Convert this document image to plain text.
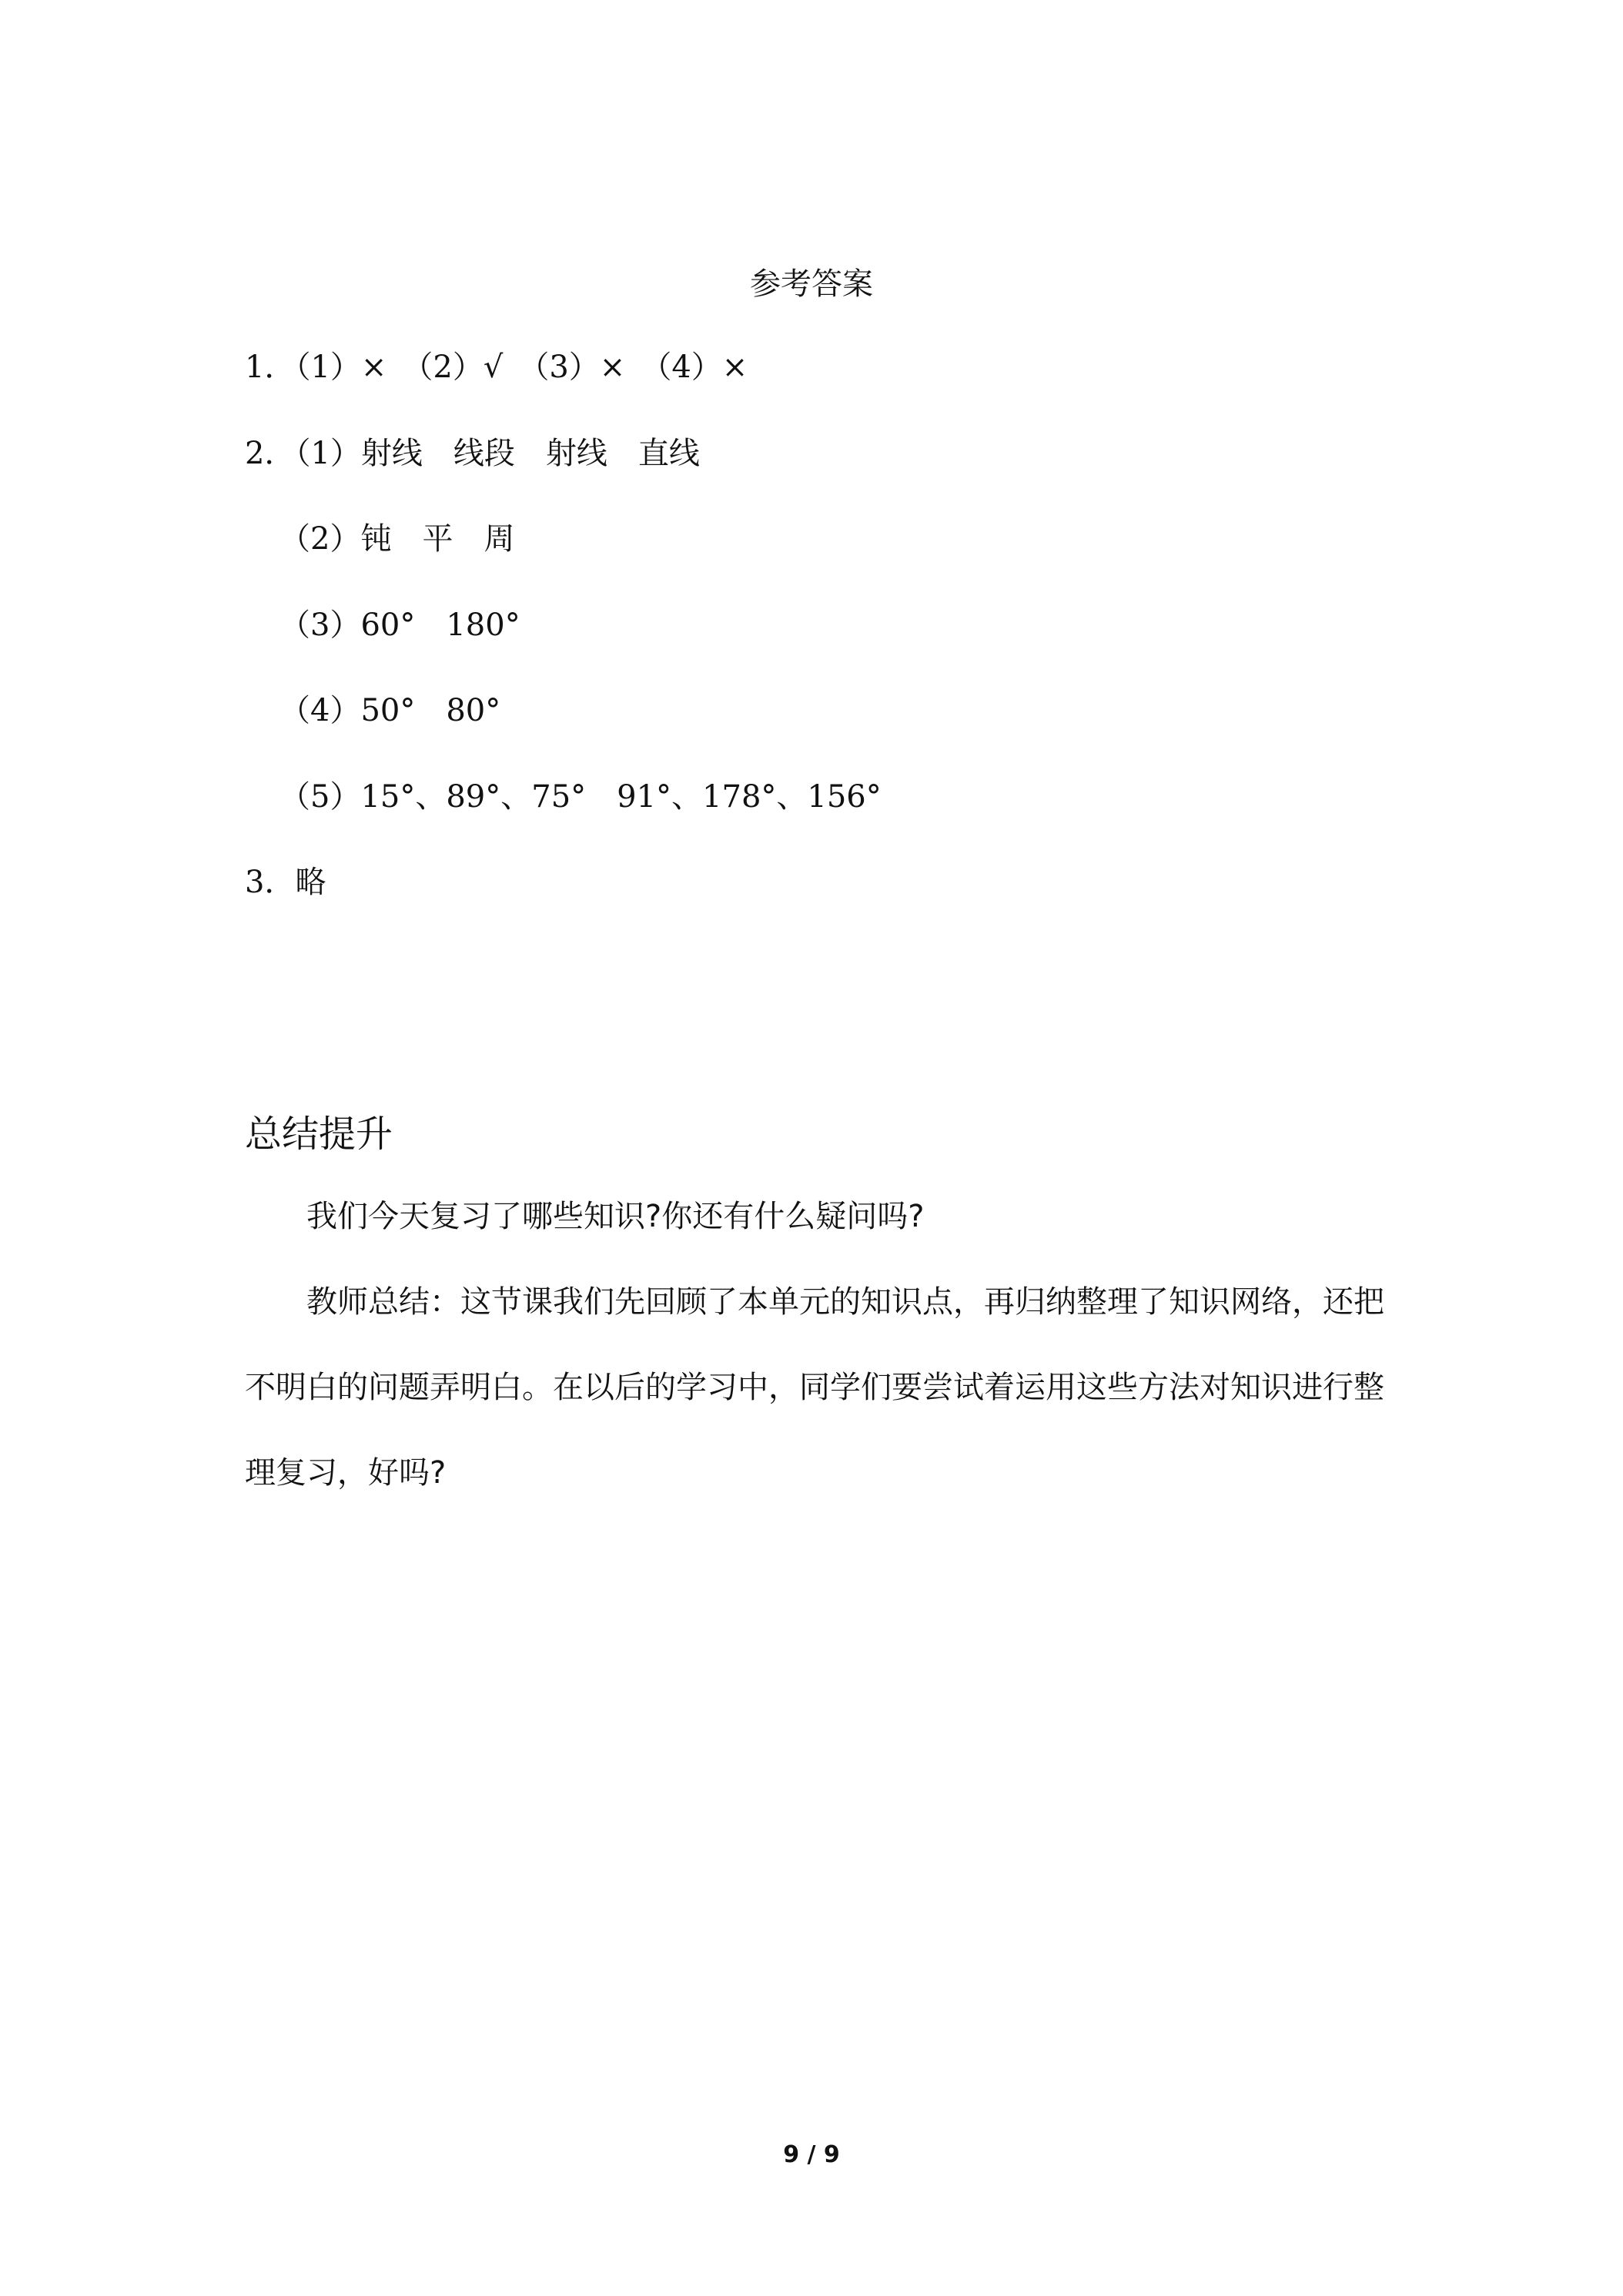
参考答案
1．（1）×　（2）√　（3）×　（4）×
2．（1）射线　线段　射线　直线
（2）钝　平　周
（3）60°　180°
（4）50°　80°
（5）15°、89°、75°　91°、178°、156°
3．略
总结提升
我们今天复习了哪些知识?你还有什么疑问吗?
教师总结：这节课我们先回顾了本单元的知识点，再归纳整理了知识网络，还把不明白的问题弄明白。在以后的学习中，同学们要尝试着运用这些方法对知识进行整理复习，好吗?
9 / 9
